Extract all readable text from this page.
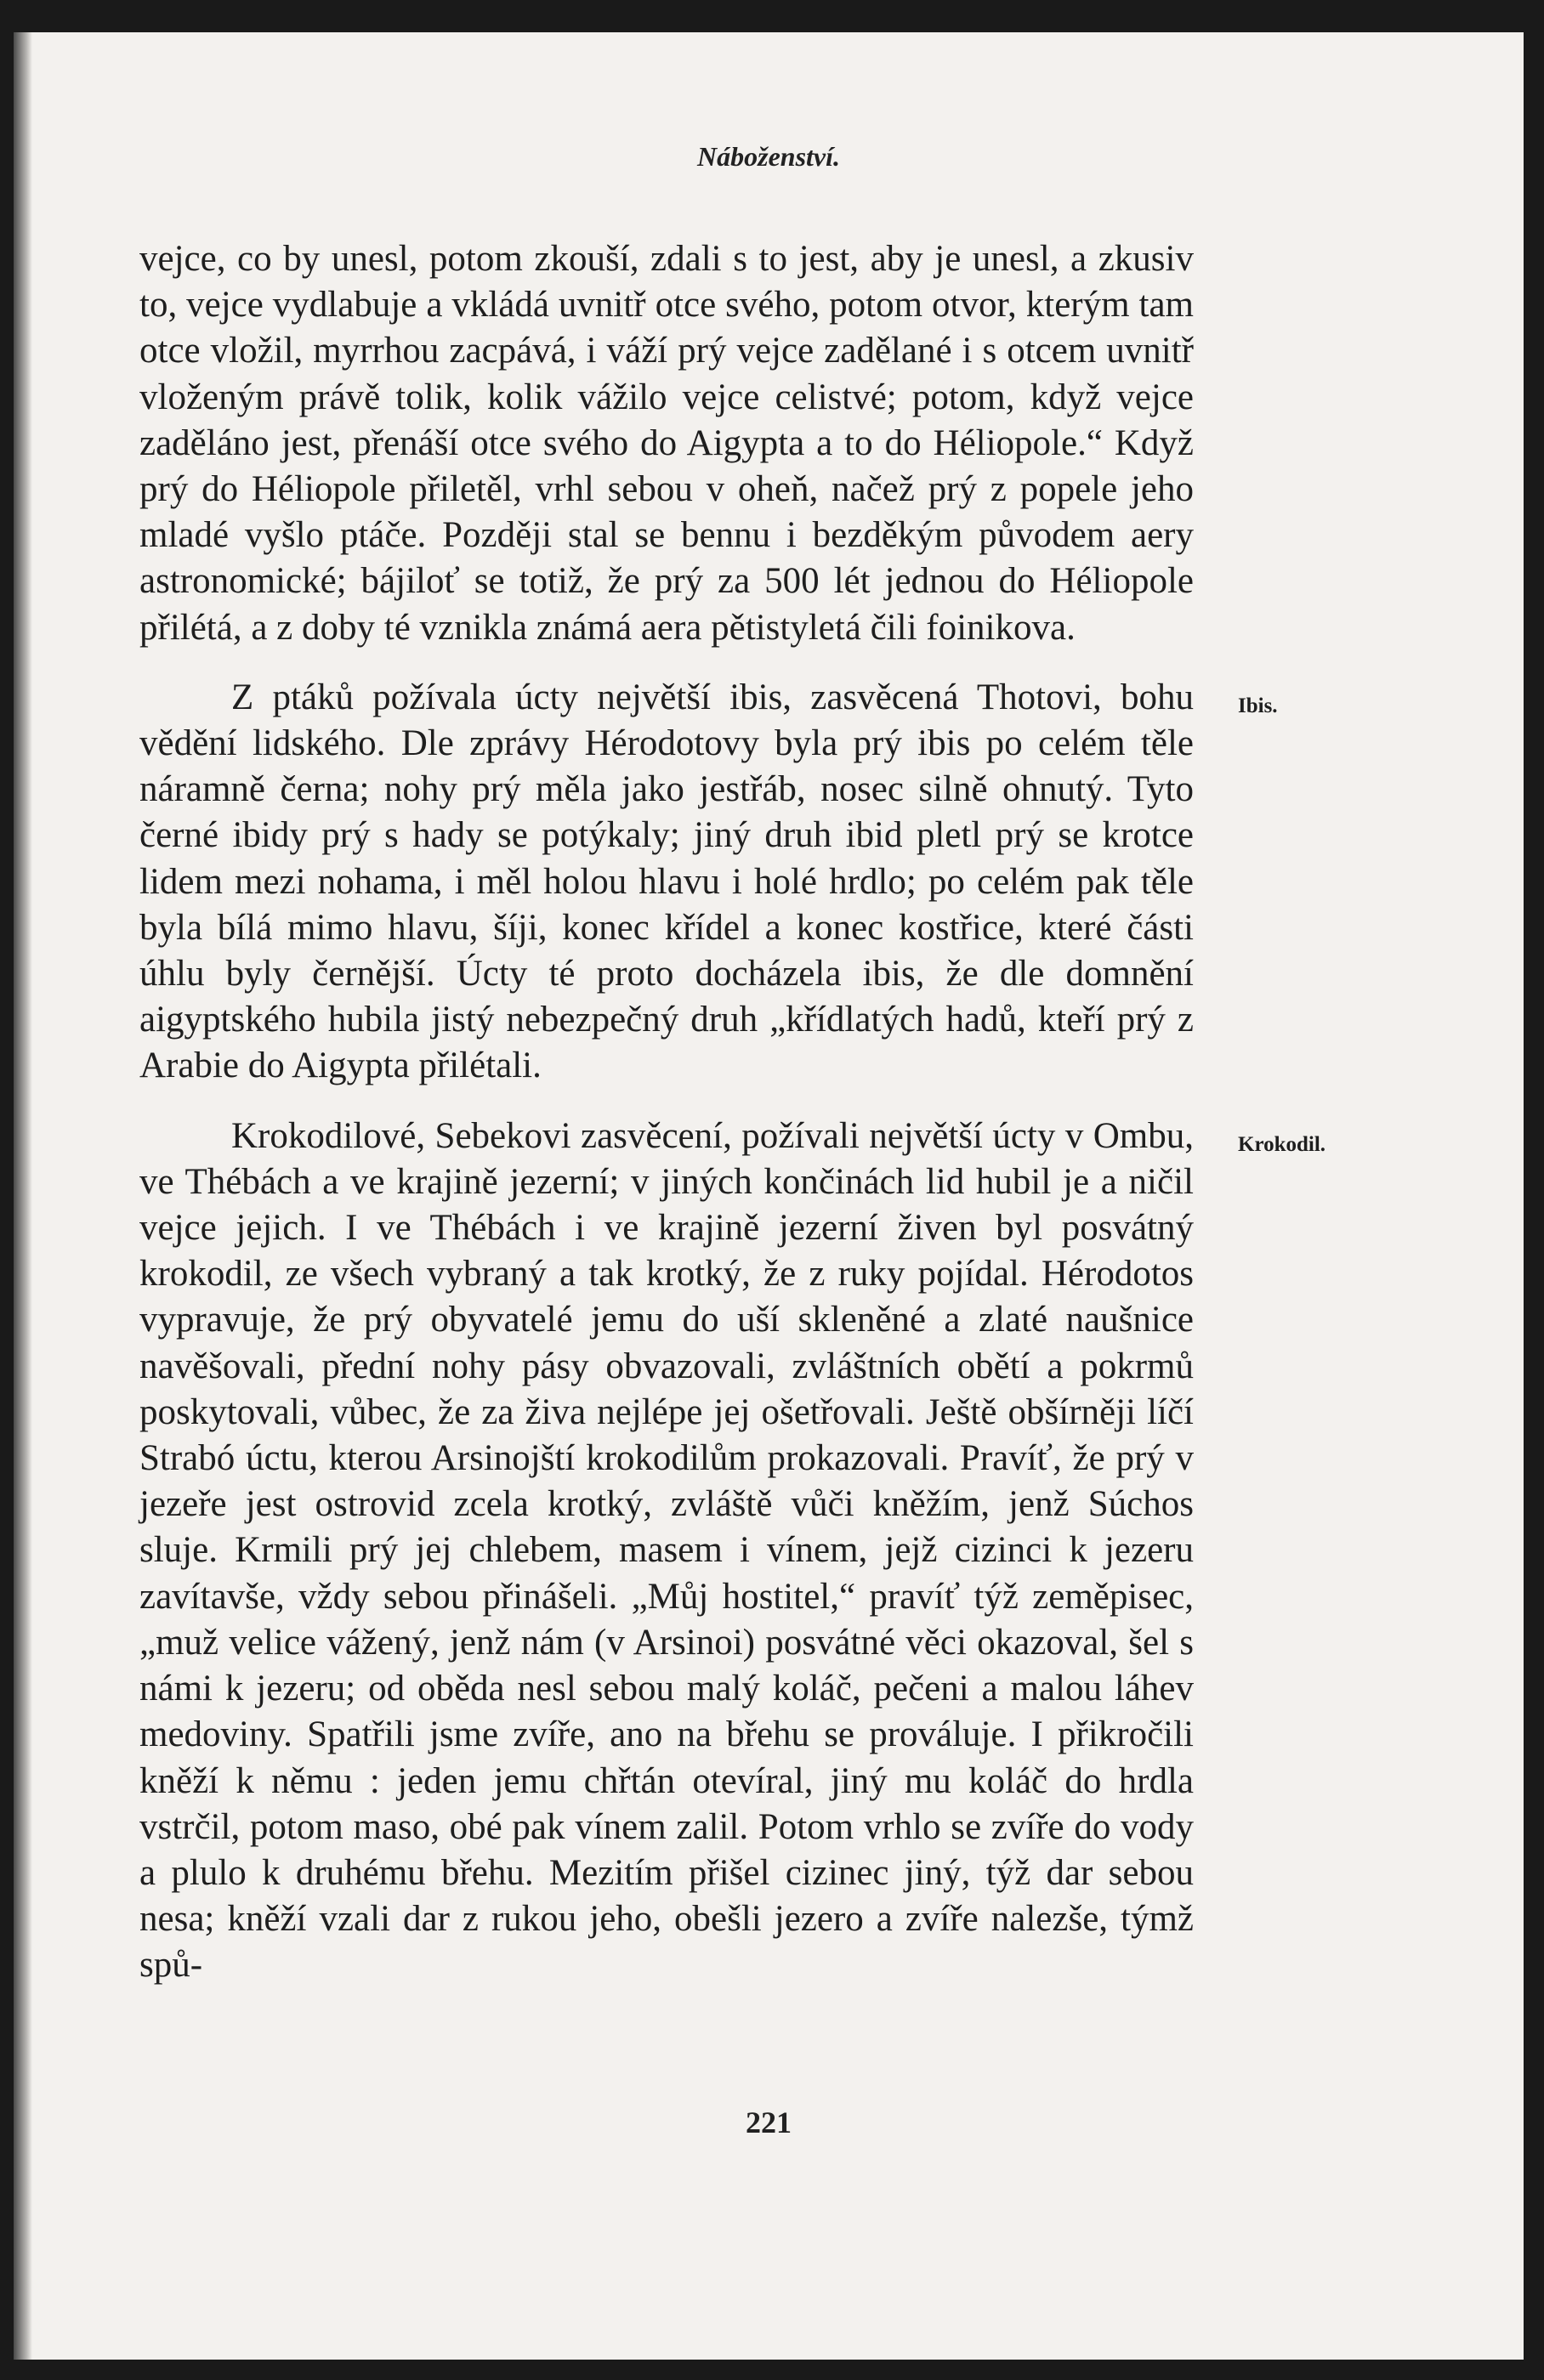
Náboženství.

vejce, co by unesl, potom zkouší, zdali s to jest, aby je unesl, a zkusiv to, vejce vydlabuje a vkládá uvnitř otce svého, potom otvor, kterým tam otce vložil, myrrhou zacpává, i váží prý vejce zadělané i s otcem uvnitř vloženým právě tolik, kolik vážilo vejce celistvé; potom, když vejce zaděláno jest, přenáší otce svého do Aigypta a to do Héliopole.“ Když prý do Héliopole přiletěl, vrhl sebou v oheň, načež prý z popele jeho mladé vyšlo ptáče. Později stal se bennu i bezděkým původem aery astronomické; bájiloť se totiž, že prý za 500 lét jednou do Héliopole přilétá, a z doby té vznikla známá aera pětistyletá čili foinikova.

Ibis.

Z ptáků požívala úcty největší ibis, zasvěcená Thotovi, bohu vědění lidského. Dle zprávy Hérodotovy byla prý ibis po celém těle náramně černa; nohy prý měla jako jestřáb, nosec silně ohnutý. Tyto černé ibidy prý s hady se potýkaly; jiný druh ibid pletl prý se krotce lidem mezi nohama, i měl holou hlavu i holé hrdlo; po celém pak těle byla bílá mimo hlavu, šíji, konec křídel a konec kostřice, které části úhlu byly černější. Úcty té proto docházela ibis, že dle domnění aigyptského hubila jistý nebezpečný druh „křídlatých hadů, kteří prý z Arabie do Aigypta přilétali.

Krokodil.

Krokodilové, Sebekovi zasvěcení, požívali největší úcty v Ombu, ve Thébách a ve krajině jezerní; v jiných končinách lid hubil je a ničil vejce jejich. I ve Thébách i ve krajině jezerní živen byl posvátný krokodil, ze všech vybraný a tak krotký, že z ruky pojídal. Hérodotos vypravuje, že prý obyvatelé jemu do uší skleněné a zlaté naušnice navěšovali, přední nohy pásy obvazovali, zvláštních obětí a pokrmů poskytovali, vůbec, že za živa nejlépe jej ošetřovali. Ještě obšírněji líčí Strabó úctu, kterou Arsinojští krokodilům prokazovali. Pravíť, že prý v jezeře jest ostrovid zcela krotký, zvláště vůči kněžím, jenž Súchos sluje. Krmili prý jej chlebem, masem i vínem, jejž cizinci k jezeru zavítavše, vždy sebou přinášeli. „Můj hostitel,“ pravíť týž zeměpisec, „muž velice vážený, jenž nám (v Arsinoi) posvátné věci okazoval, šel s námi k jezeru; od oběda nesl sebou malý koláč, pečeni a malou láhev medoviny. Spatřili jsme zvíře, ano na břehu se prováluje. I přikročili kněží k němu : jeden jemu chřtán otevíral, jiný mu koláč do hrdla vstrčil, potom maso, obé pak vínem zalil. Potom vrhlo se zvíře do vody a plulo k druhému břehu. Mezitím přišel cizinec jiný, týž dar sebou nesa; kněží vzali dar z rukou jeho, obešli jezero a zvíře nalezše, týmž spů-

221
